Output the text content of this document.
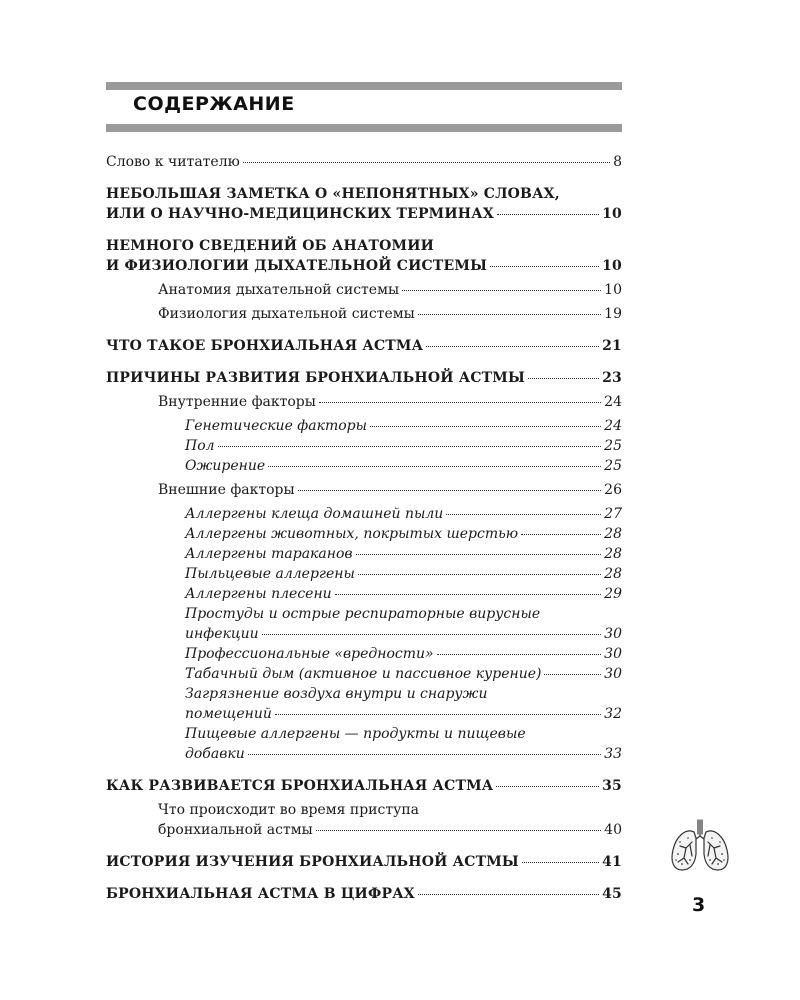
СОДЕРЖАНИЕ
Слово к читателю	8
НЕБОЛЬШАЯ ЗАМЕТКА О «НЕПОНЯТНЫХ» СЛОВАХ,
ИЛИ О НАУЧНО-МЕДИЦИНСКИХ ТЕРМИНАХ	10
НЕМНОГО СВЕДЕНИЙ ОБ АНАТОМИИ
И ФИЗИОЛОГИИ ДЫХАТЕЛЬНОЙ СИСТЕМЫ	10
Анатомия дыхательной системы	10
Физиология дыхательной системы	19
ЧТО ТАКОЕ БРОНХИАЛЬНАЯ АСТМА	21
ПРИЧИНЫ РАЗВИТИЯ БРОНХИАЛЬНОЙ АСТМЫ	23
Внутренние факторы	24
Генетические факторы	24
Пол	25
Ожирение	25
Внешние факторы	26
Аллергены клеща домашней пыли	27
Аллергены животных, покрытых шерстью	28
Аллергены тараканов	28
Пыльцевые аллергены	28
Аллергены плесени	29
Простуды и острые респираторные вирусные
инфекции	30
Профессиональные «вредности»	30
Табачный дым (активное и пассивное курение)	30
Загрязнение воздуха внутри и снаружи
помещений	32
Пищевые аллергены — продукты и пищевые
добавки	33
КАК РАЗВИВАЕТСЯ БРОНХИАЛЬНАЯ АСТМА	35
Что происходит во время приступа
бронхиальной астмы	40
ИСТОРИЯ ИЗУЧЕНИЯ БРОНХИАЛЬНОЙ АСТМЫ	41
БРОНХИАЛЬНАЯ АСТМА В ЦИФРАХ	45	3
